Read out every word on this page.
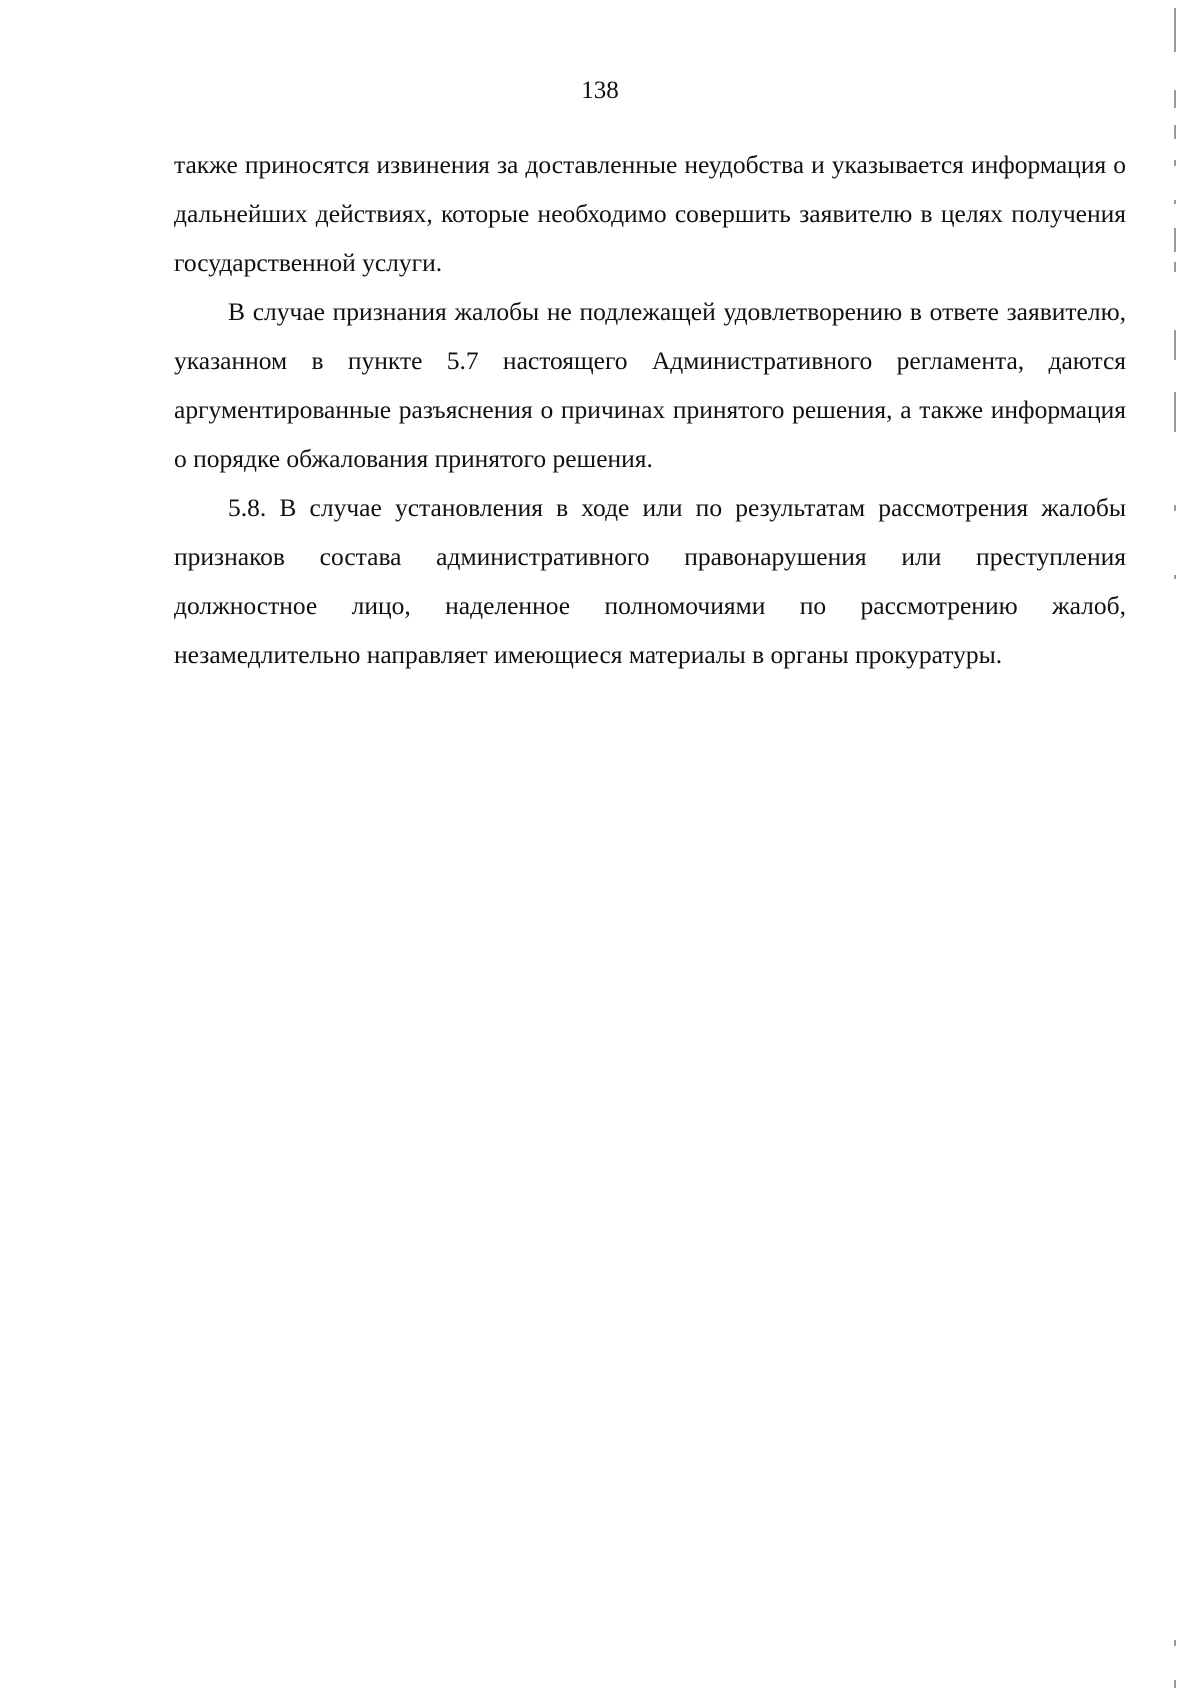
138

также приносятся извинения за доставленные неудобства и указывается информация о дальнейших действиях, которые необходимо совершить заявителю в целях получения государственной услуги.

В случае признания жалобы не подлежащей удовлетворению в ответе заявителю, указанном в пункте 5.7 настоящего Административного регламента, даются аргументированные разъяснения о причинах принятого решения, а также информация о порядке обжалования принятого решения.

5.8. В случае установления в ходе или по результатам рассмотрения жалобы признаков состава административного правонарушения или преступления должностное лицо, наделенное полномочиями по рассмотрению жалоб, незамедлительно направляет имеющиеся материалы в органы прокуратуры.
